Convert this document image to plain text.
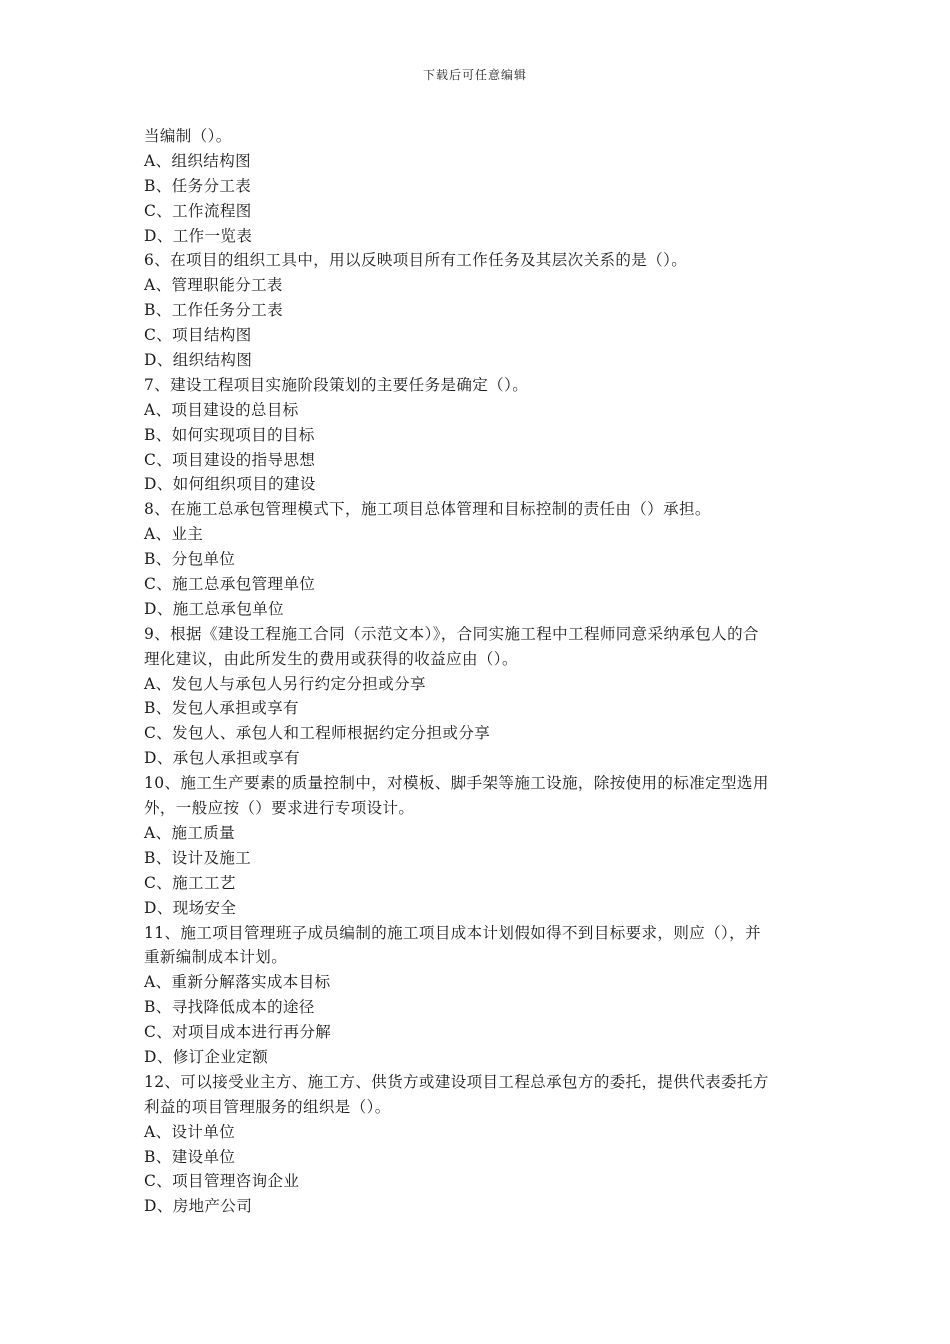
下载后可任意编辑
当编制（）。
A、组织结构图
B、任务分工表
C、工作流程图
D、工作一览表
6、在项目的组织工具中，用以反映项目所有工作任务及其层次关系的是（）。
A、管理职能分工表
B、工作任务分工表
C、项目结构图
D、组织结构图
7、建设工程项目实施阶段策划的主要任务是确定（）。
A、项目建设的总目标
B、如何实现项目的目标
C、项目建设的指导思想
D、如何组织项目的建设
8、在施工总承包管理模式下，施工项目总体管理和目标控制的责任由（）承担。
A、业主
B、分包单位
C、施工总承包管理单位
D、施工总承包单位
9、根据《建设工程施工合同（示范文本）》，合同实施工程中工程师同意采纳承包人的合
理化建议，由此所发生的费用或获得的收益应由（）。
A、发包人与承包人另行约定分担或分享
B、发包人承担或享有
C、发包人、承包人和工程师根据约定分担或分享
D、承包人承担或享有
10、施工生产要素的质量控制中，对模板、脚手架等施工设施，除按使用的标准定型选用
外，一般应按（）要求进行专项设计。
A、施工质量
B、设计及施工
C、施工工艺
D、现场安全
11、施工项目管理班子成员编制的施工项目成本计划假如得不到目标要求，则应（），并
重新编制成本计划。
A、重新分解落实成本目标
B、寻找降低成本的途径
C、对项目成本进行再分解
D、修订企业定额
12、可以接受业主方、施工方、供货方或建设项目工程总承包方的委托，提供代表委托方
利益的项目管理服务的组织是（）。
A、设计单位
B、建设单位
C、项目管理咨询企业
D、房地产公司
